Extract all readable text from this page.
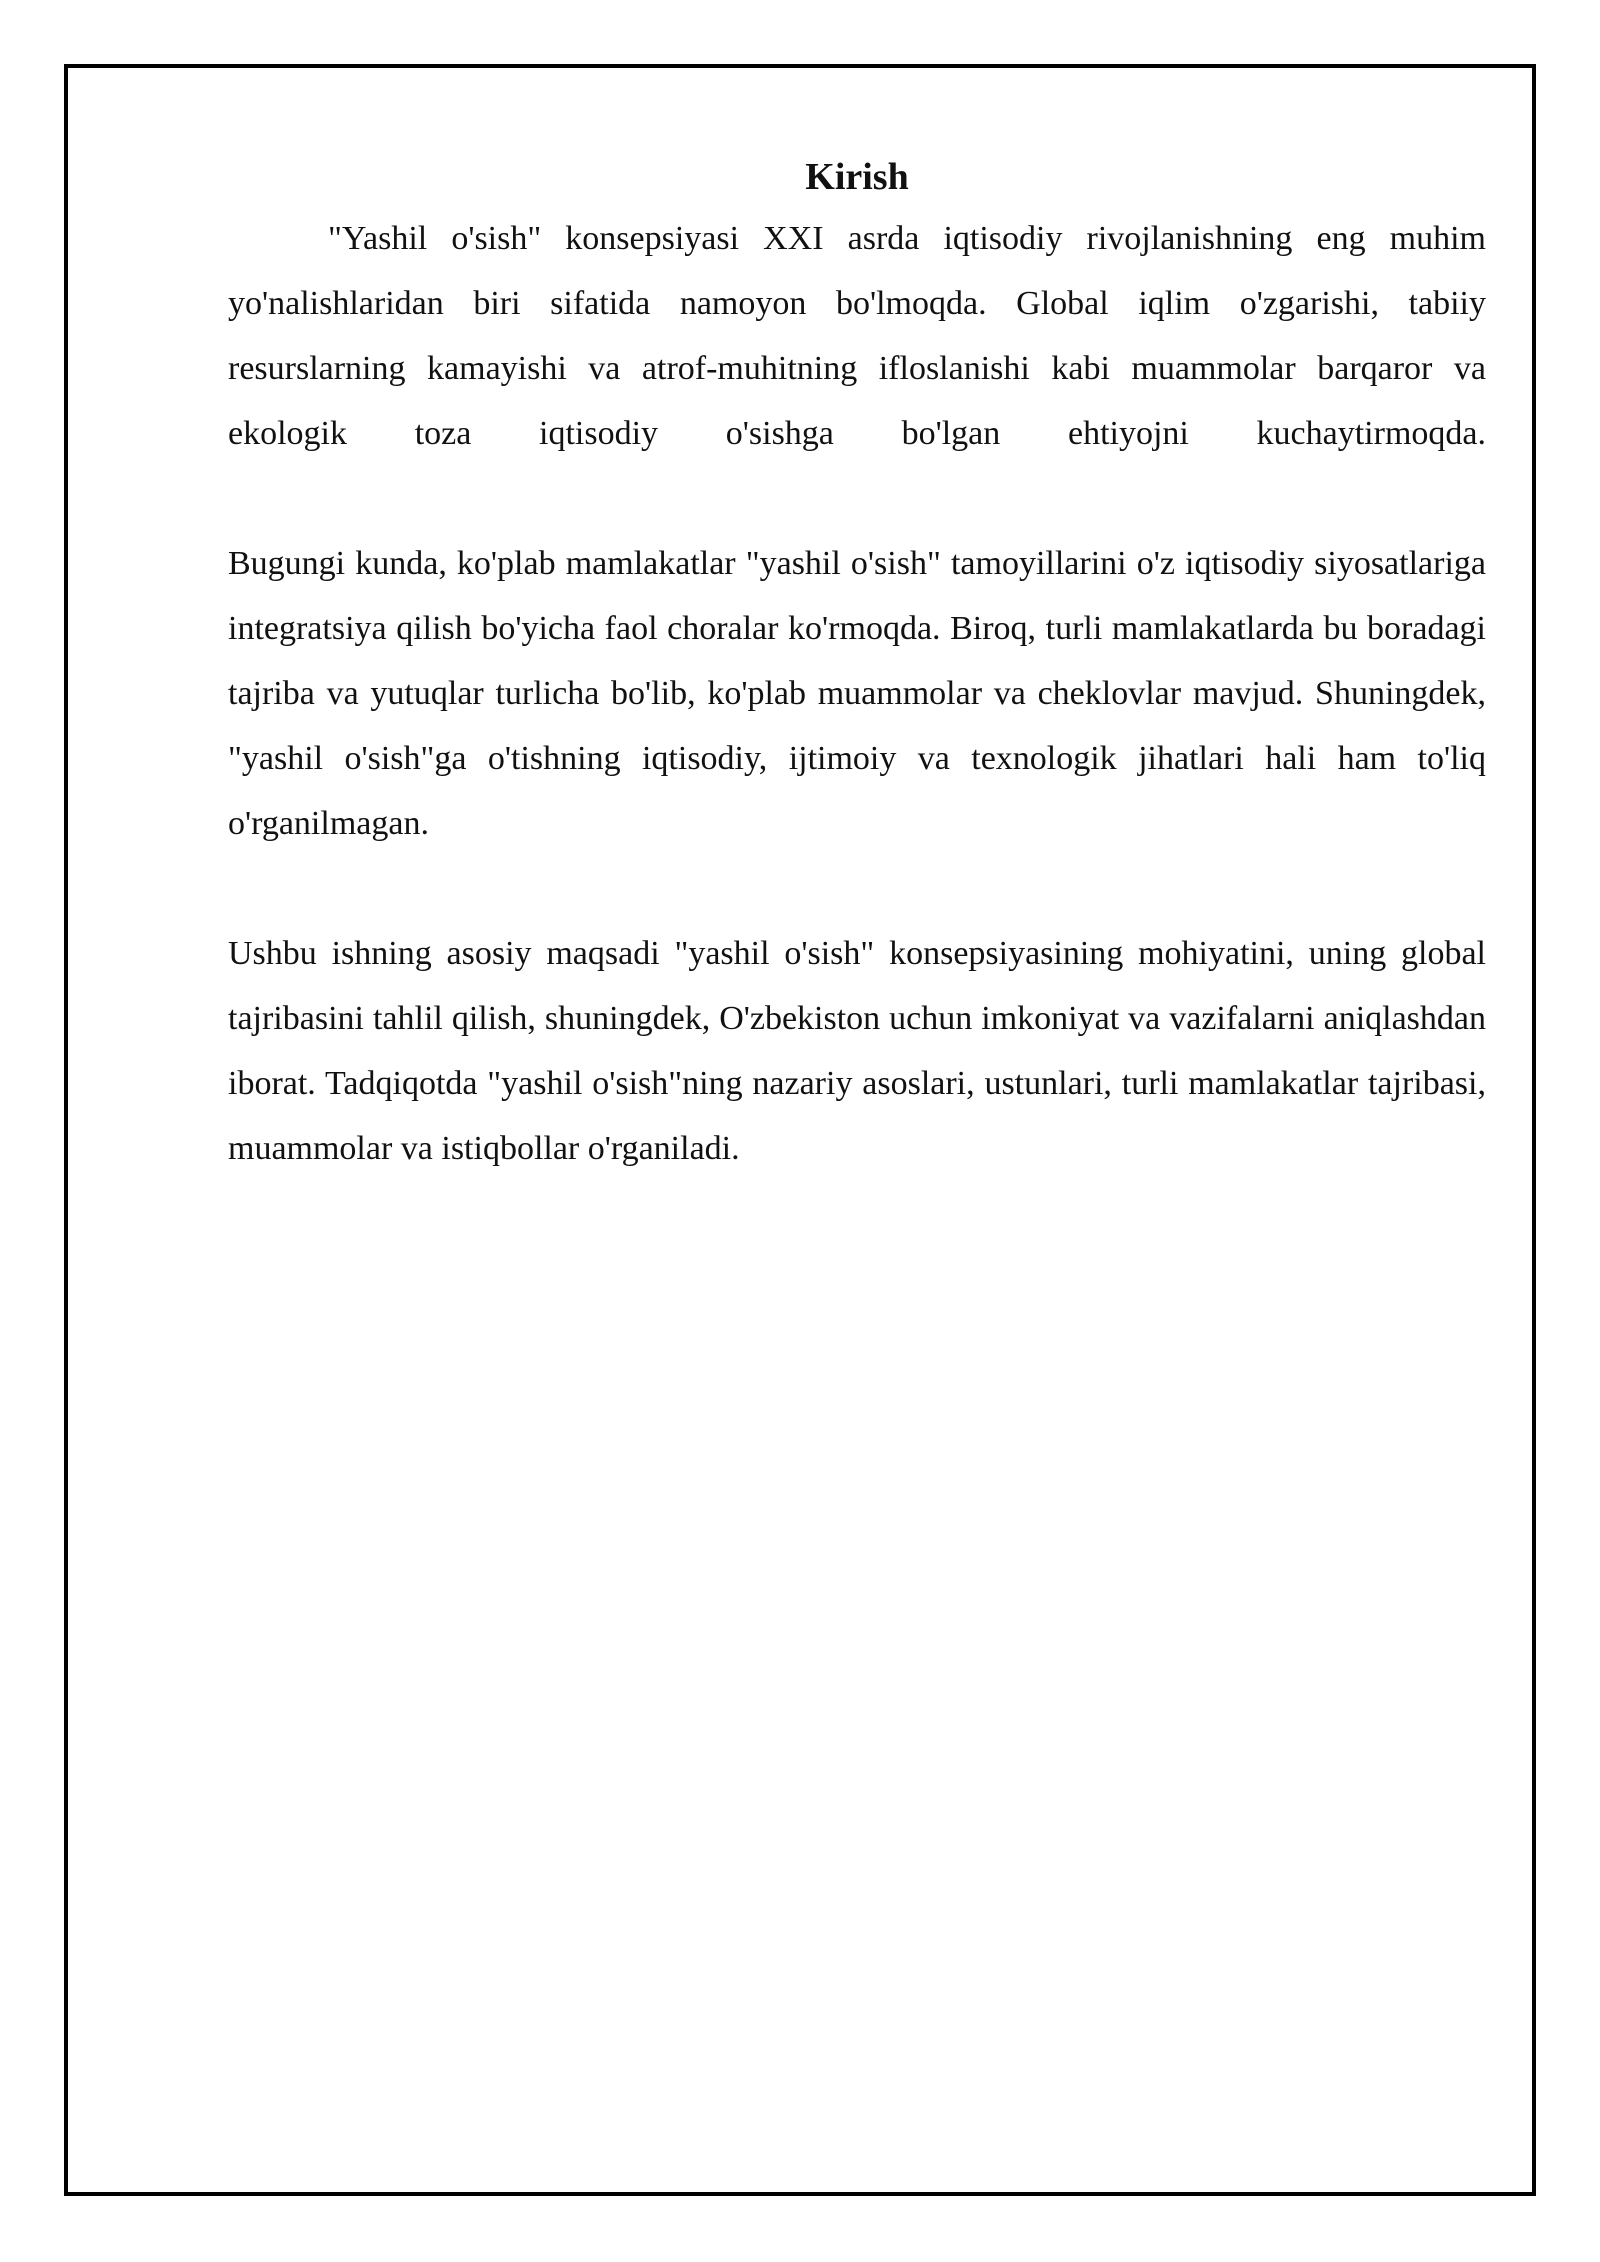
Kirish

"Yashil o'sish" konsepsiyasi XXI asrda iqtisodiy rivojlanishning eng muhim yo'nalishlaridan biri sifatida namoyon bo'lmoqda. Global iqlim o'zgarishi, tabiiy resurslarning kamayishi va atrof-muhitning ifloslanishi kabi muammolar barqaror va ekologik toza iqtisodiy o'sishga bo'lgan ehtiyojni kuchaytirmoqda.

Bugungi kunda, ko'plab mamlakatlar "yashil o'sish" tamoyillarini o'z iqtisodiy siyosatlariga integratsiya qilish bo'yicha faol choralar ko'rmoqda. Biroq, turli mamlakatlarda bu boradagi tajriba va yutuqlar turlicha bo'lib, ko'plab muammolar va cheklovlar mavjud. Shuningdek, "yashil o'sish"ga o'tishning iqtisodiy, ijtimoiy va texnologik jihatlari hali ham to'liq o'rganilmagan.

Ushbu ishning asosiy maqsadi "yashil o'sish" konsepsiyasining mohiyatini, uning global tajribasini tahlil qilish, shuningdek, O'zbekiston uchun imkoniyat va vazifalarni aniqlashdan iborat. Tadqiqotda "yashil o'sish"ning nazariy asoslari, ustunlari, turli mamlakatlar tajribasi, muammolar va istiqbollar o'rganiladi.
